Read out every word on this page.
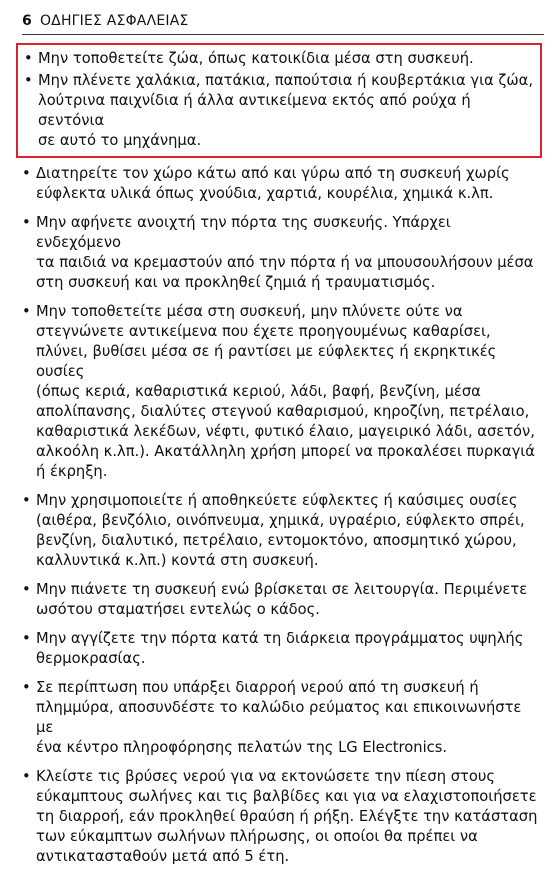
6 ΟΔΗΓΙΕΣ ΑΣΦΑΛΕΙΑΣ
• Μην τοποθετείτε ζώα, όπως κατοικίδια μέσα στη συσκευή.
• Μην πλένετε χαλάκια, πατάκια, παπούτσια ή κουβερτάκια για ζώα,
λούτρινα παιχνίδια ή άλλα αντικείμενα εκτός από ρούχα ή σεντόνια
σε αυτό το μηχάνημα.
• Διατηρείτε τον χώρο κάτω από και γύρω από τη συσκευή χωρίς
εύφλεκτα υλικά όπως χνούδια, χαρτιά, κουρέλια, χημικά κ.λπ.
• Μην αφήνετε ανοιχτή την πόρτα της συσκευής. Υπάρχει ενδεχόμενο
τα παιδιά να κρεμαστούν από την πόρτα ή να μπουσουλήσουν μέσα
στη συσκευή και να προκληθεί ζημιά ή τραυματισμός.
• Μην τοποθετείτε μέσα στη συσκευή, μην πλύνετε ούτε να
στεγνώνετε αντικείμενα που έχετε προηγουμένως καθαρίσει,
πλύνει, βυθίσει μέσα σε ή ραντίσει με εύφλεκτες ή εκρηκτικές ουσίες
(όπως κεριά, καθαριστικά κεριού, λάδι, βαφή, βενζίνη, μέσα
απολίπανσης, διαλύτες στεγνού καθαρισμού, κηροζίνη, πετρέλαιο,
καθαριστικά λεκέδων, νέφτι, φυτικό έλαιο, μαγειρικό λάδι, ασετόν,
αλκοόλη κ.λπ.). Ακατάλληλη χρήση μπορεί να προκαλέσει πυρκαγιά
ή έκρηξη.
• Μην χρησιμοποιείτε ή αποθηκεύετε εύφλεκτες ή καύσιμες ουσίες
(αιθέρα, βενζόλιο, οινόπνευμα, χημικά, υγραέριο, εύφλεκτο σπρέι,
βενζίνη, διαλυτικό, πετρέλαιο, εντομοκτόνο, αποσμητικό χώρου,
καλλυντικά κ.λπ.) κοντά στη συσκευή.
• Μην πιάνετε τη συσκευή ενώ βρίσκεται σε λειτουργία. Περιμένετε
ωσότου σταματήσει εντελώς ο κάδος.
• Μην αγγίζετε την πόρτα κατά τη διάρκεια προγράμματος υψηλής
θερμοκρασίας.
• Σε περίπτωση που υπάρξει διαρροή νερού από τη συσκευή ή
πλημμύρα, αποσυνδέστε το καλώδιο ρεύματος και επικοινωνήστε με
ένα κέντρο πληροφόρησης πελατών της LG Electronics.
• Κλείστε τις βρύσες νερού για να εκτονώσετε την πίεση στους
εύκαμπτους σωλήνες και τις βαλβίδες και για να ελαχιστοποιήσετε
τη διαρροή, εάν προκληθεί θραύση ή ρήξη. Ελέγξτε την κατάσταση
των εύκαμπτων σωλήνων πλήρωσης, οι οποίοι θα πρέπει να
αντικατασταθούν μετά από 5 έτη.
